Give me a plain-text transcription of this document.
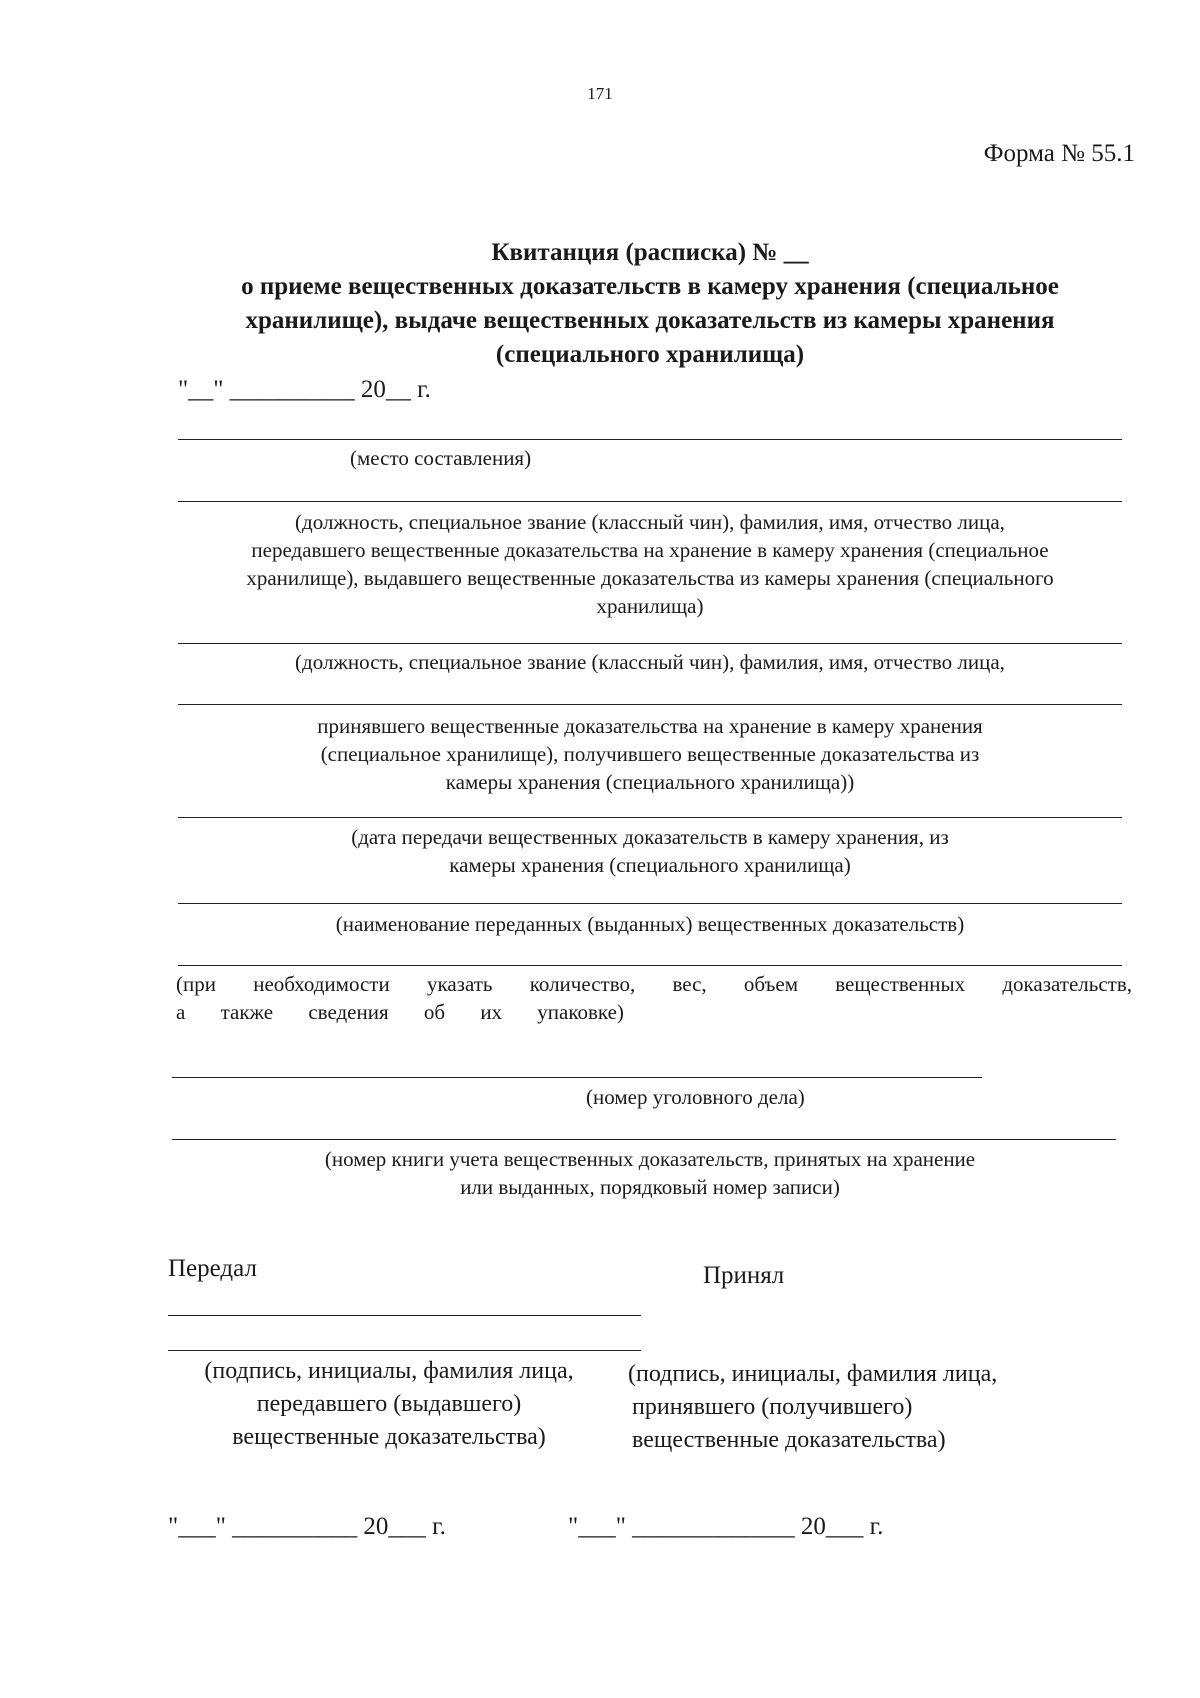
171
Форма № 55.1
Квитанция (расписка) № __
о приеме вещественных доказательств в камеру хранения (специальное
хранилище), выдаче вещественных доказательств из камеры хранения
(специального хранилища)
"__" __________ 20__ г.
(место составления)
(должность, специальное звание (классный чин), фамилия, имя, отчество лица,
передавшего вещественные доказательства на хранение в камеру хранения (специальное
хранилище), выдавшего вещественные доказательства из камеры хранения (специального
хранилища)
(должность, специальное звание (классный чин), фамилия, имя, отчество лица,
принявшего вещественные доказательства на хранение в камеру хранения
(специальное хранилище), получившего вещественные доказательства из
камеры хранения (специального хранилища))
(дата передачи вещественных доказательств в камеру хранения, из
камеры хранения (специального хранилища)
(наименование переданных (выданных) вещественных доказательств)
(при необходимости указать количество, вес, объем вещественных доказательств, а также сведения об их упаковке)
(номер уголовного дела)
(номер книги учета вещественных доказательств, принятых на хранение
или выданных, порядковый номер записи)
Передал	Принял
(подпись, инициалы, фамилия лица,
передавшего (выдавшего)
вещественные доказательства)
(подпись, инициалы, фамилия лица,
принявшего (получившего)
вещественные доказательства)
"___" __________ 20___ г.	"___" _____________ 20___ г.
